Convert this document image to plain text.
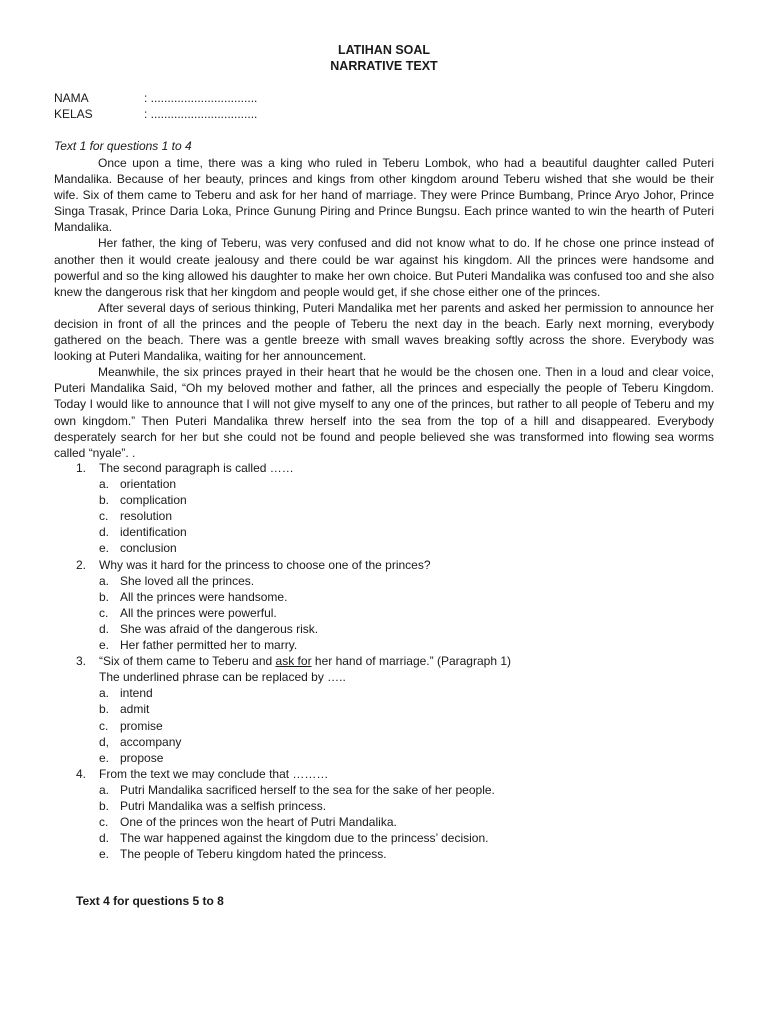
LATIHAN SOAL
NARRATIVE TEXT
NAMA	: ................................
KELAS	: ................................
Text 1 for questions 1 to 4

Once upon a time, there was a king who ruled in Teberu Lombok, who had a beautiful daughter called Puteri Mandalika. Because of her beauty, princes and kings from other kingdom around Teberu wished that she would be their wife. Six of them came to Teberu and ask for her hand of marriage. They were Prince Bumbang, Prince Aryo Johor, Prince Singa Trasak, Prince Daria Loka, Prince Gunung Piring and Prince Bungsu. Each prince wanted to win the hearth of Puteri Mandalika.

Her father, the king of Teberu, was very confused and did not know what to do. If he chose one prince instead of another then it would create jealousy and there could be war against his kingdom. All the princes were handsome and powerful and so the king allowed his daughter to make her own choice. But Puteri Mandalika was confused too and she also knew the dangerous risk that her kingdom and people would get, if she chose either one of the princes.

After several days of serious thinking, Puteri Mandalika met her parents and asked her permission to announce her decision in front of all the princes and the people of Teberu the next day in the beach. Early next morning, everybody gathered on the beach. There was a gentle breeze with small waves breaking softly across the shore. Everybody was looking at Puteri Mandalika, waiting for her announcement.

Meanwhile, the six princes prayed in their heart that he would be the chosen one. Then in a loud and clear voice, Puteri Mandalika Said, “Oh my beloved mother and father, all the princes and especially the people of Teberu Kingdom. Today I would like to announce that I will not give myself to any one of the princes, but rather to all people of Teberu and my own kingdom.” Then Puteri Mandalika threw herself into the sea from the top of a hill and disappeared. Everybody desperately search for her but she could not be found and people believed she was transformed into flowing sea worms called “nyale”. .

1.	The second paragraph is called ……
a. orientation
b. complication
c. resolution
d. identification
e. conclusion
2.	Why was it hard for the princess to choose one of the princes?
a. She loved all the princes.
b. All the princes were handsome.
c. All the princes were powerful.
d. She was afraid of the dangerous risk.
e. Her father permitted her to marry.
3.	“Six of them came to Teberu and ask for her hand of marriage.” (Paragraph 1)
The underlined phrase can be replaced by …..
a. intend
b. admit
c. promise
d, accompany
e. propose
4.	From the text we may conclude that ………
a. Putri Mandalika sacrificed herself to the sea for the sake of her people.
b. Putri Mandalika was a selfish princess.
c. One of the princes won the heart of Putri Mandalika.
d. The war happened against the kingdom due to the princess’ decision.
e. The people of Teberu kingdom hated the princess.
Text 4 for questions 5 to 8
